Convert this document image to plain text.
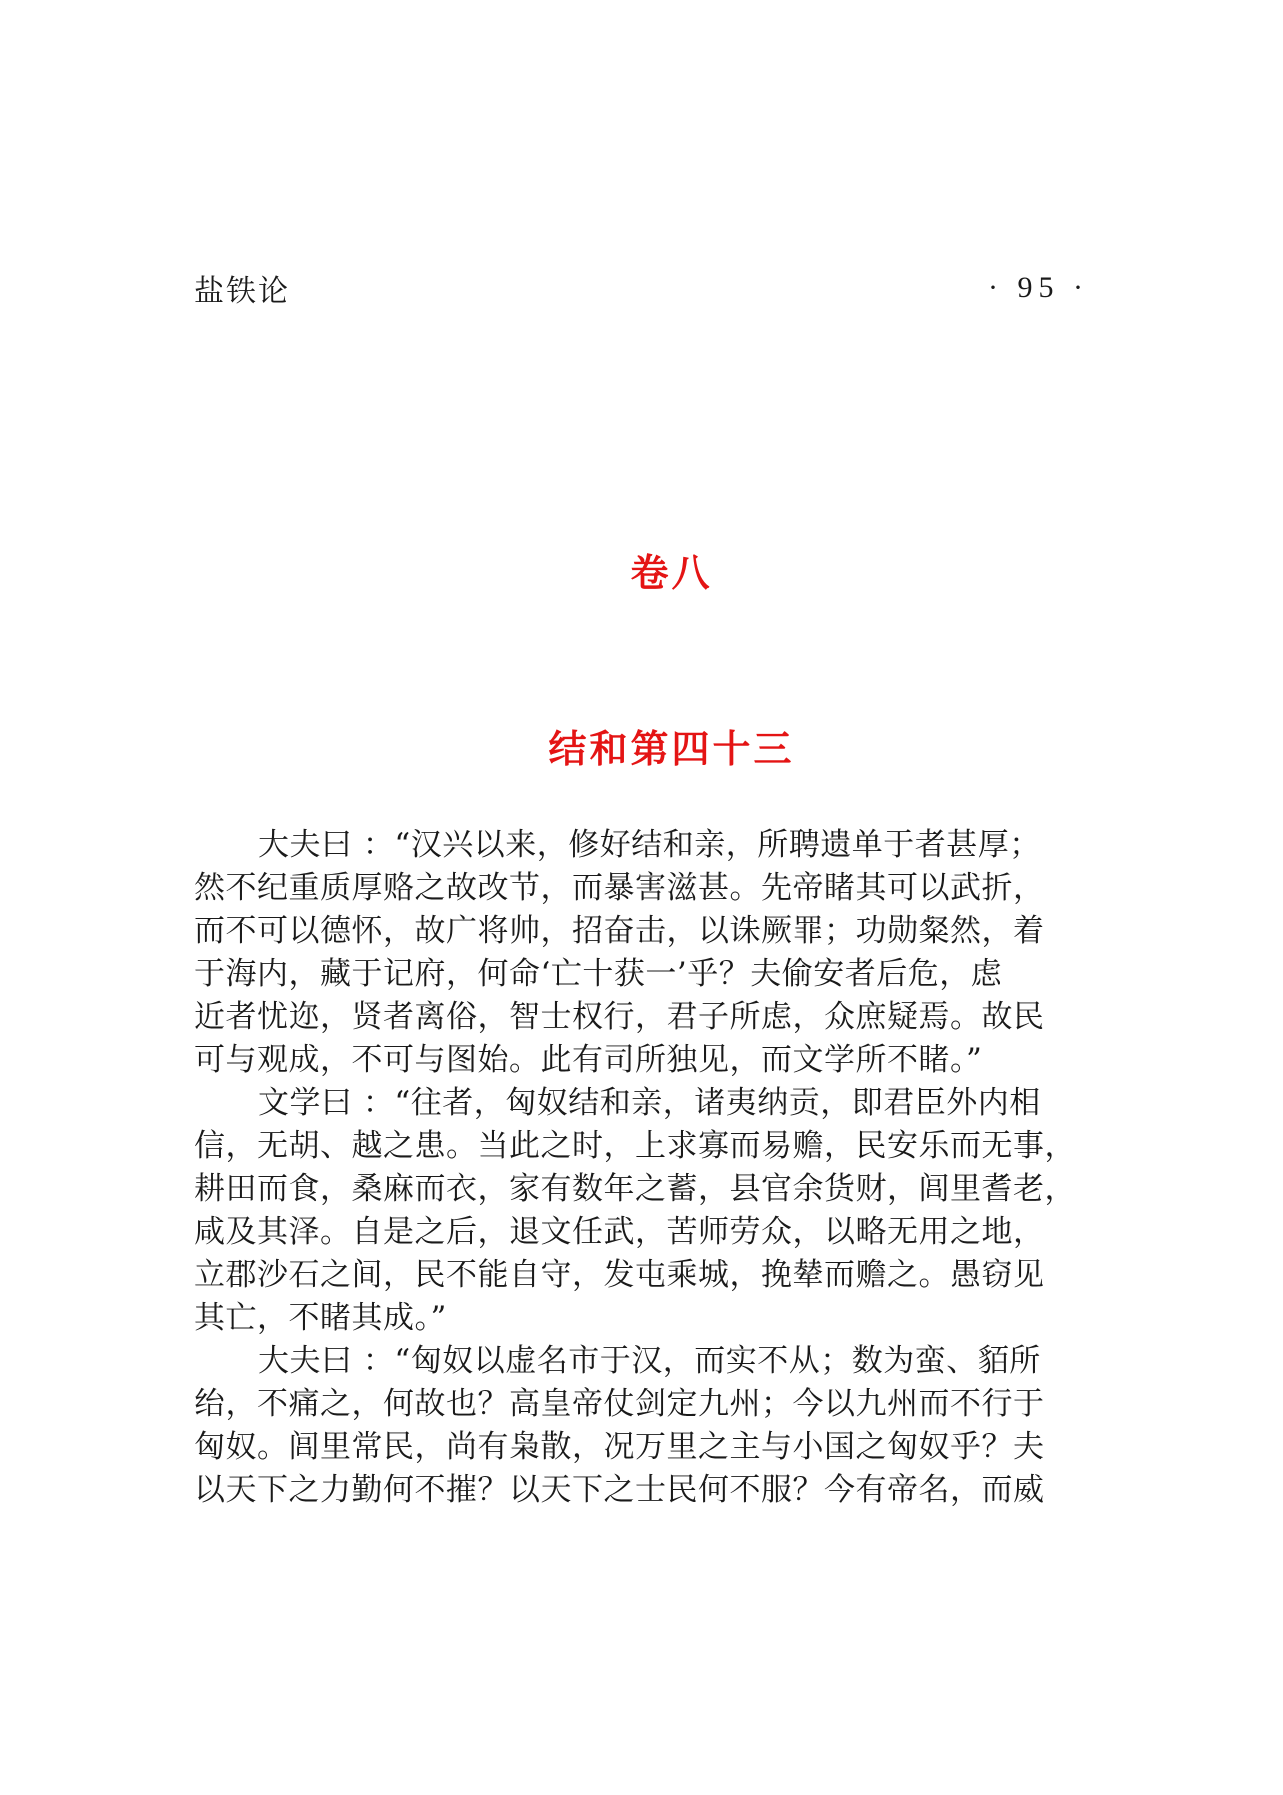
盐铁论	· 95 ·
卷八
结和第四十三
大夫曰 ：“汉兴以来，修好结和亲，所聘遗单于者甚厚；
然不纪重质厚赂之故改节，而暴害滋甚。先帝睹其可以武折，
而不可以德怀，故广将帅，招奋击，以诛厥罪；功勋粲然，着
于海内，藏于记府，何命‘亡十获一’乎？夫偷安者后危，虑
近者忧迩，贤者离俗，智士权行，君子所虑，众庶疑焉。故民
可与观成，不可与图始。此有司所独见，而文学所不睹。”
文学曰 ：“往者，匈奴结和亲，诸夷纳贡，即君臣外内相
信，无胡、越之患。当此之时，上求寡而易赡，民安乐而无事，
耕田而食，桑麻而衣，家有数年之蓄，县官余货财，闾里耆老，
咸及其泽。自是之后，退文任武，苦师劳众，以略无用之地，
立郡沙石之间，民不能自守，发屯乘城，挽辇而赡之。愚窃见
其亡，不睹其成。”
大夫曰 ：“匈奴以虚名市于汉，而实不从；数为蛮、貊所
绐，不痛之，何故也？高皇帝仗剑定九州；今以九州而不行于
匈奴。闾里常民，尚有枭散，况万里之主与小国之匈奴乎？夫
以天下之力勤何不摧？以天下之士民何不服？今有帝名，而威
